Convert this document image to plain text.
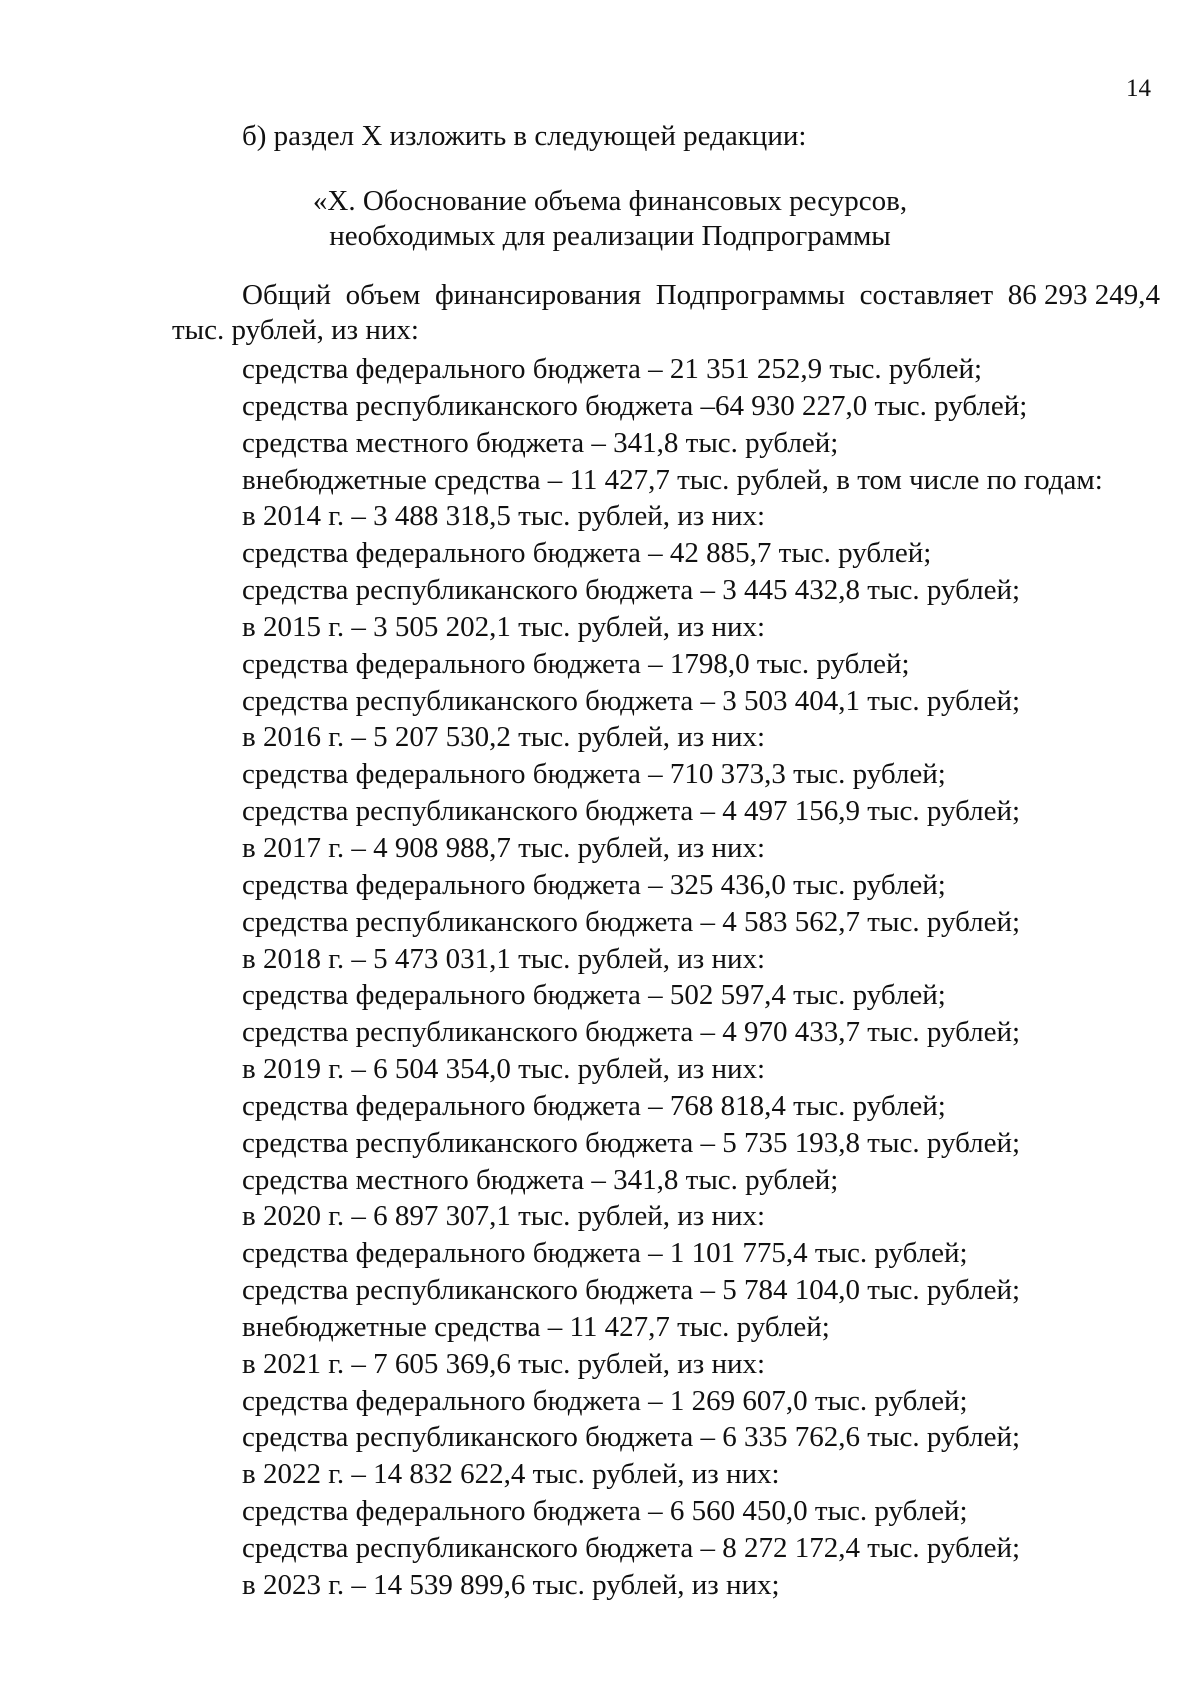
14
б) раздел X изложить в следующей редакции:
«X. Обоснование объема финансовых ресурсов,
необходимых для реализации Подпрограммы
Общий объем финансирования Подпрограммы составляет 86 293 249,4
тыс. рублей, из них:
средства федерального бюджета – 21 351 252,9 тыс. рублей;
средства республиканского бюджета –64 930 227,0 тыс. рублей;
средства местного бюджета – 341,8 тыс. рублей;
внебюджетные средства – 11 427,7 тыс. рублей, в том числе по годам:
в 2014 г. – 3 488 318,5 тыс. рублей, из них:
средства федерального бюджета – 42 885,7 тыс. рублей;
средства республиканского бюджета – 3 445 432,8 тыс. рублей;
в 2015 г. – 3 505 202,1 тыс. рублей, из них:
средства федерального бюджета – 1798,0 тыс. рублей;
средства республиканского бюджета – 3 503 404,1 тыс. рублей;
в 2016 г. – 5 207 530,2 тыс. рублей, из них:
средства федерального бюджета – 710 373,3 тыс. рублей;
средства республиканского бюджета – 4 497 156,9 тыс. рублей;
в 2017 г. – 4 908 988,7 тыс. рублей, из них:
средства федерального бюджета – 325 436,0 тыс. рублей;
средства республиканского бюджета – 4 583 562,7 тыс. рублей;
в 2018 г. – 5 473 031,1 тыс. рублей, из них:
средства федерального бюджета – 502 597,4 тыс. рублей;
средства республиканского бюджета – 4 970 433,7 тыс. рублей;
в 2019 г. – 6 504 354,0 тыс. рублей, из них:
средства федерального бюджета – 768 818,4 тыс. рублей;
средства республиканского бюджета – 5 735 193,8 тыс. рублей;
средства местного бюджета – 341,8 тыс. рублей;
в 2020 г. – 6 897 307,1 тыс. рублей, из них:
средства федерального бюджета – 1 101 775,4 тыс. рублей;
средства республиканского бюджета – 5 784 104,0 тыс. рублей;
внебюджетные средства – 11 427,7 тыс. рублей;
в 2021 г. – 7 605 369,6 тыс. рублей, из них:
средства федерального бюджета – 1 269 607,0 тыс. рублей;
средства республиканского бюджета – 6 335 762,6 тыс. рублей;
в 2022 г. – 14 832 622,4 тыс. рублей, из них:
средства федерального бюджета – 6 560 450,0 тыс. рублей;
средства республиканского бюджета – 8 272 172,4 тыс. рублей;
в 2023 г. – 14 539 899,6 тыс. рублей, из них;
